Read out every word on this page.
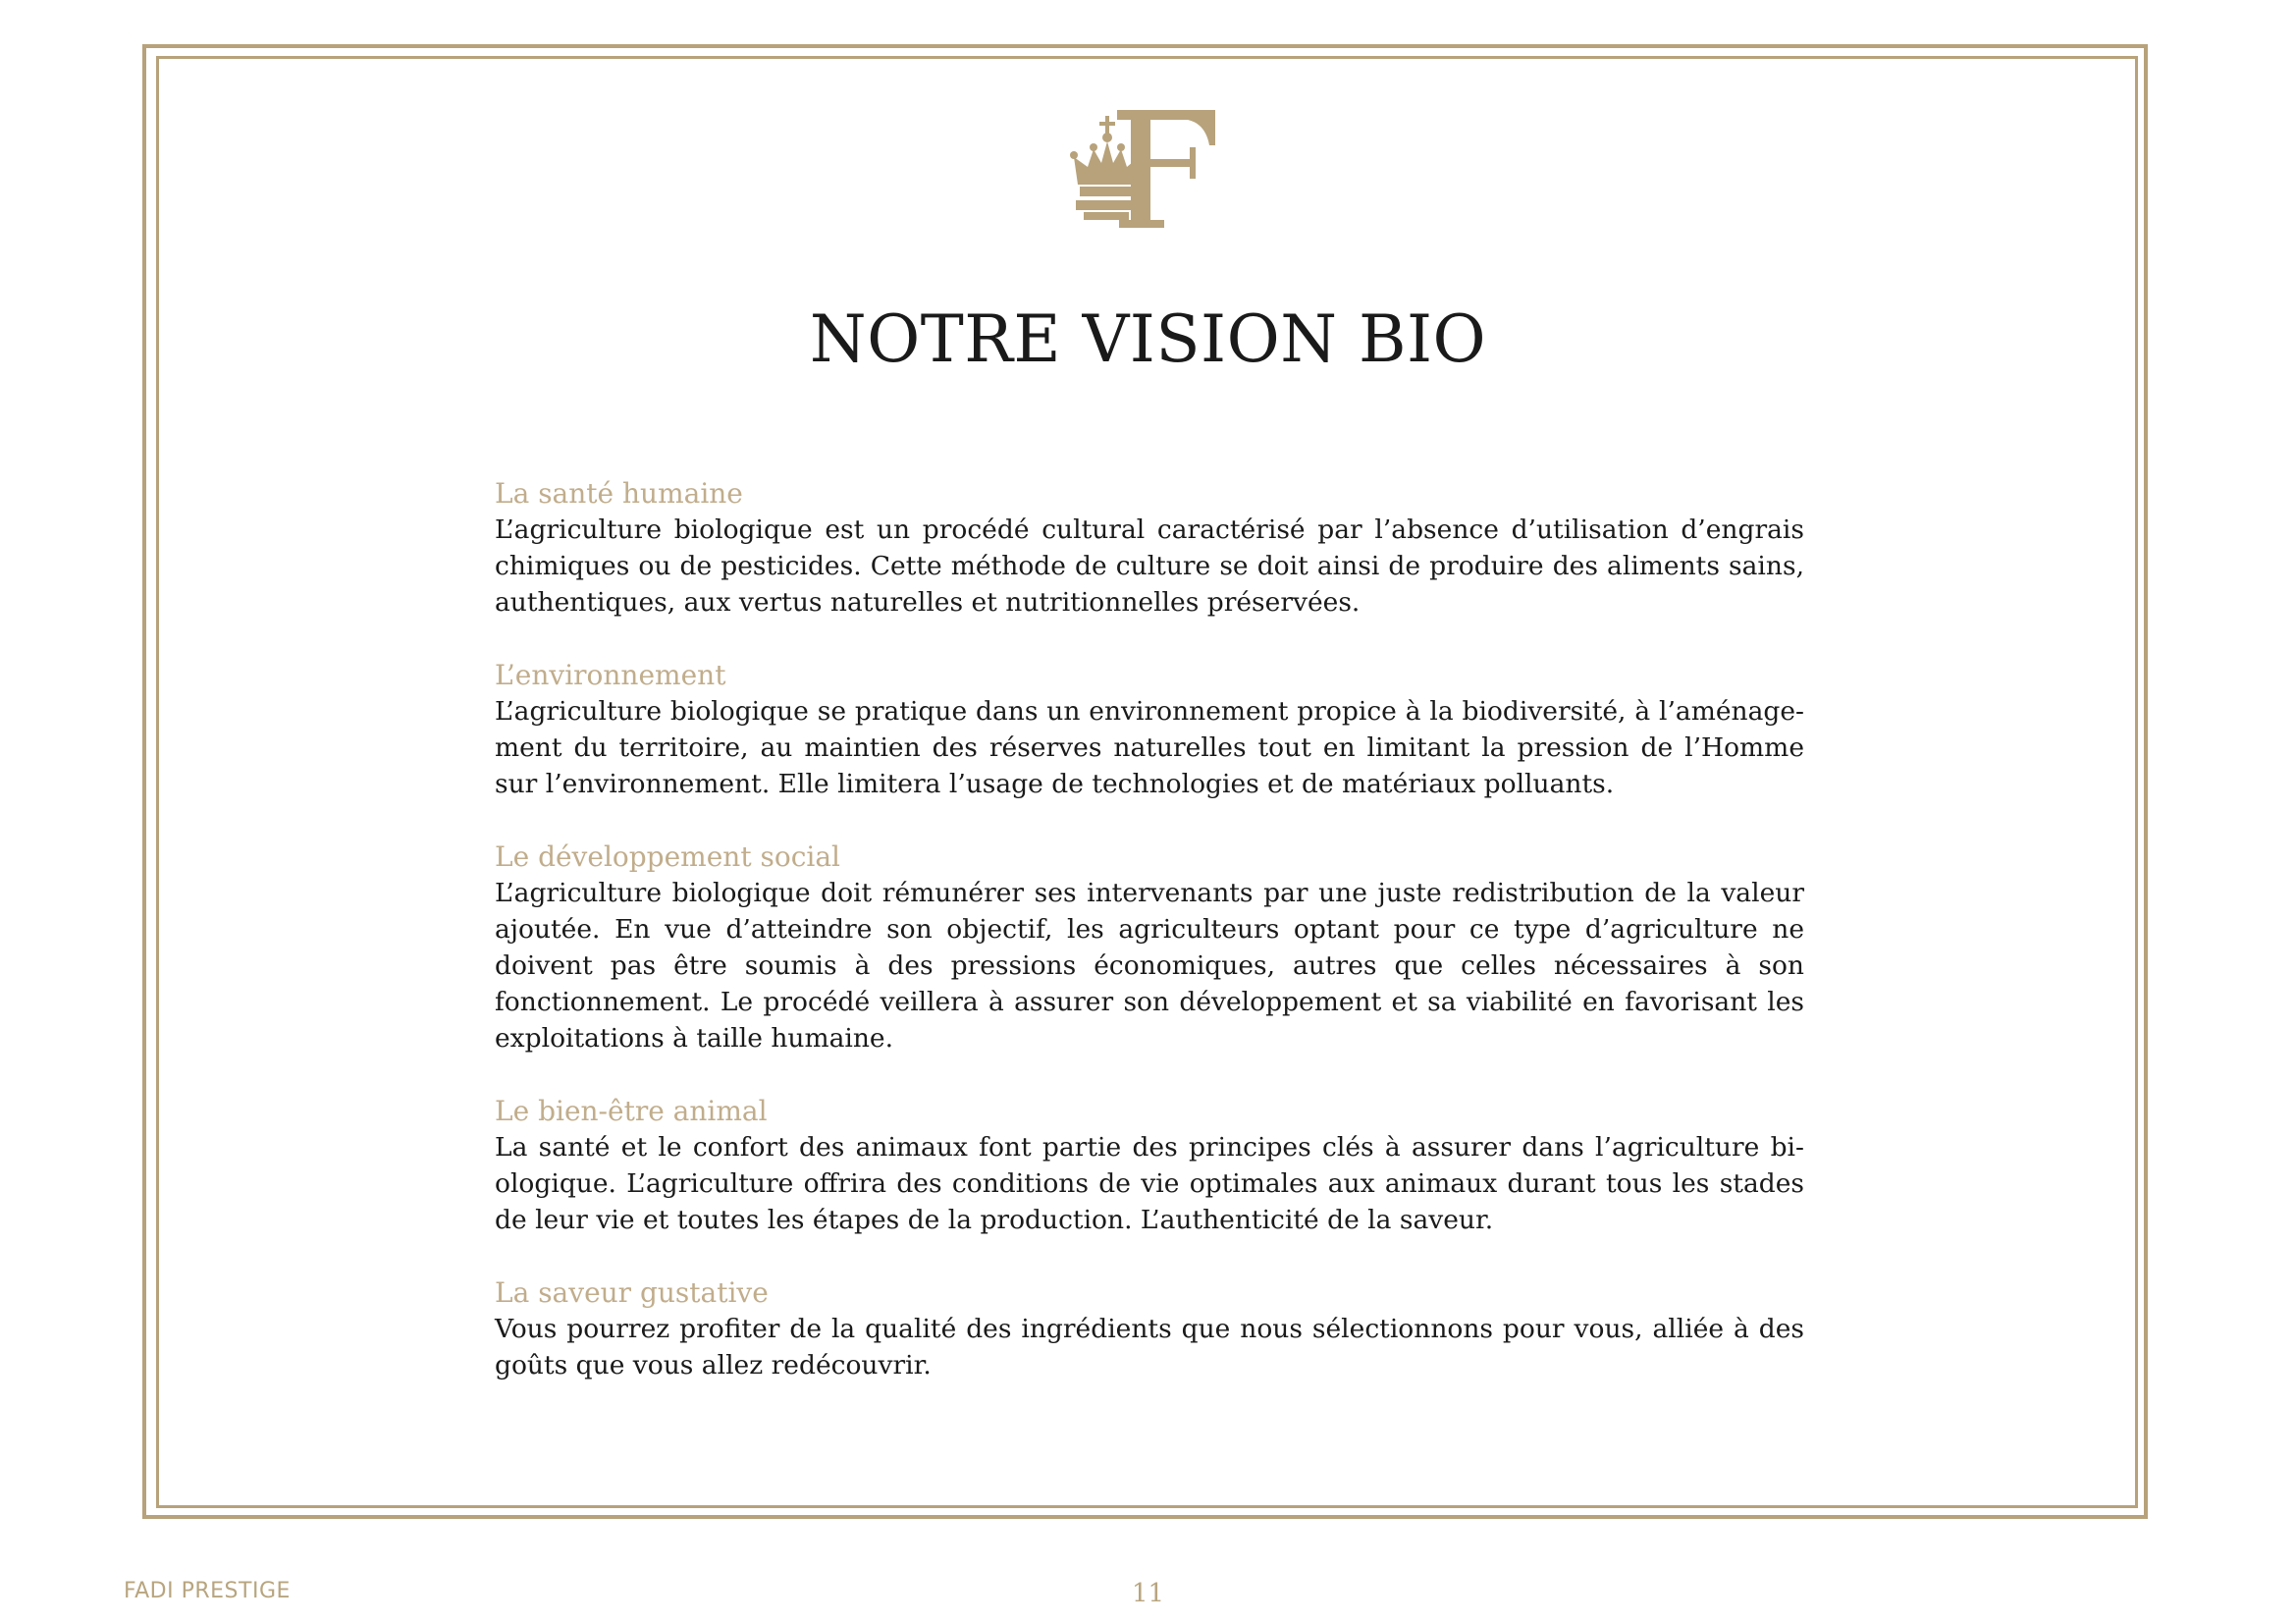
NOTRE VISION BIO

La santé humaine

L’agriculture biologique est un procédé cultural caractérisé par l’absence d’utilisation d’engrais chimiques ou de pesticides. Cette méthode de culture se doit ainsi de produire des aliments sains, authentiques, aux vertus naturelles et nutritionnelles préservées.

L’environnement

L’agriculture biologique se pratique dans un environnement propice à la biodiversité, à l’aménagement du territoire, au maintien des réserves naturelles tout en limitant la pression de l’Homme sur l’environnement. Elle limitera l’usage de technologies et de matériaux polluants.

Le développement social

L’agriculture biologique doit rémunérer ses intervenants par une juste redistribution de la valeur ajoutée. En vue d’atteindre son objectif, les agriculteurs optant pour ce type d’agriculture ne doivent pas être soumis à des pressions économiques, autres que celles nécessaires à son fonctionnement. Le procédé veillera à assurer son développement et sa viabilité en favorisant les exploitations à taille humaine.

Le bien-être animal

La santé et le confort des animaux font partie des principes clés à assurer dans l’agriculture biologique. L’agriculture offrira des conditions de vie optimales aux animaux durant tous les stades de leur vie et toutes les étapes de la production. L’authenticité de la saveur.

La saveur gustative

Vous pourrez profiter de la qualité des ingrédients que nous sélectionnons pour vous, alliée à des goûts que vous allez redécouvrir.

FADI PRESTIGE	11
